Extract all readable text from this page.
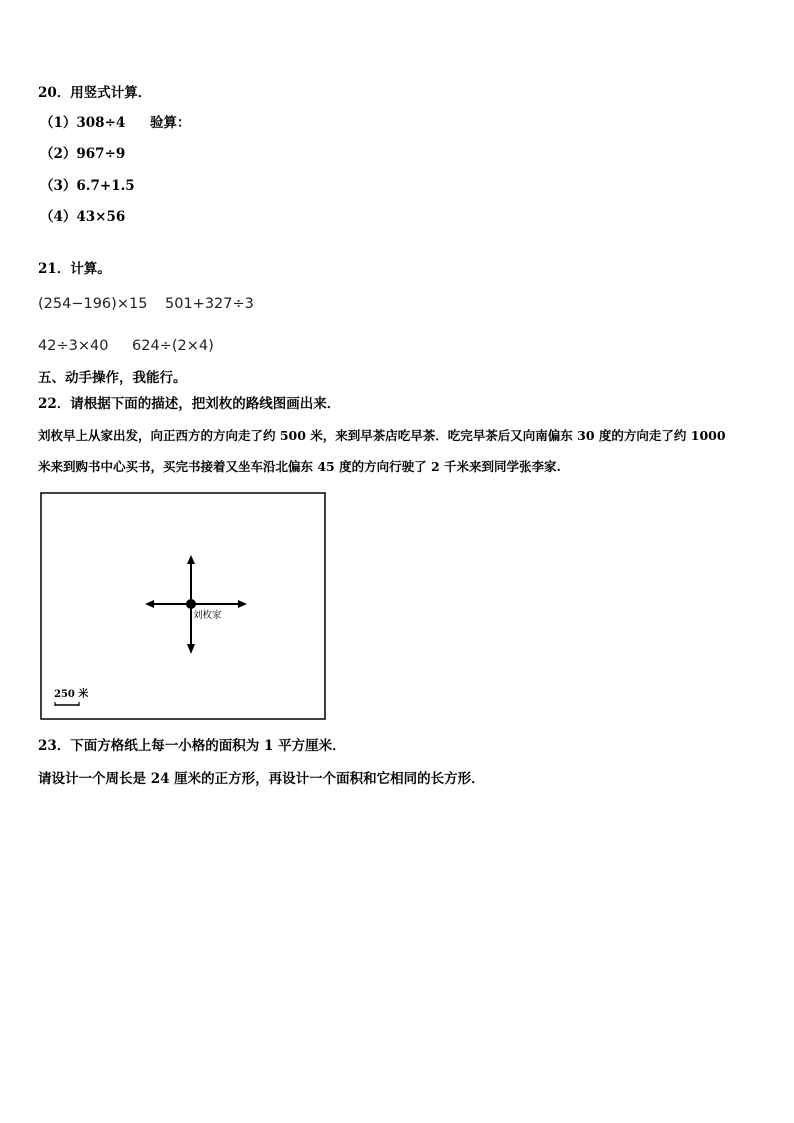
20．用竖式计算．
（1）308÷4 验算：
（2）967÷9
（3）6.7+1.5
（4）43×56
21．计算。
(254−196)×15 501+327÷3
42÷3×40 624÷(2×4)
五、动手操作，我能行。
22．请根据下面的描述，把刘枚的路线图画出来．
刘枚早上从家出发，向正西方的方向走了约 500 米，来到早茶店吃早茶．吃完早茶后又向南偏东 30 度的方向走了约 1000
米来到购书中心买书，买完书接着又坐车沿北偏东 45 度的方向行驶了 2 千米来到同学张李家.
刘枚家
250 米
23．下面方格纸上每一小格的面积为 1 平方厘米．
请设计一个周长是 24 厘米的正方形，再设计一个面积和它相同的长方形．
